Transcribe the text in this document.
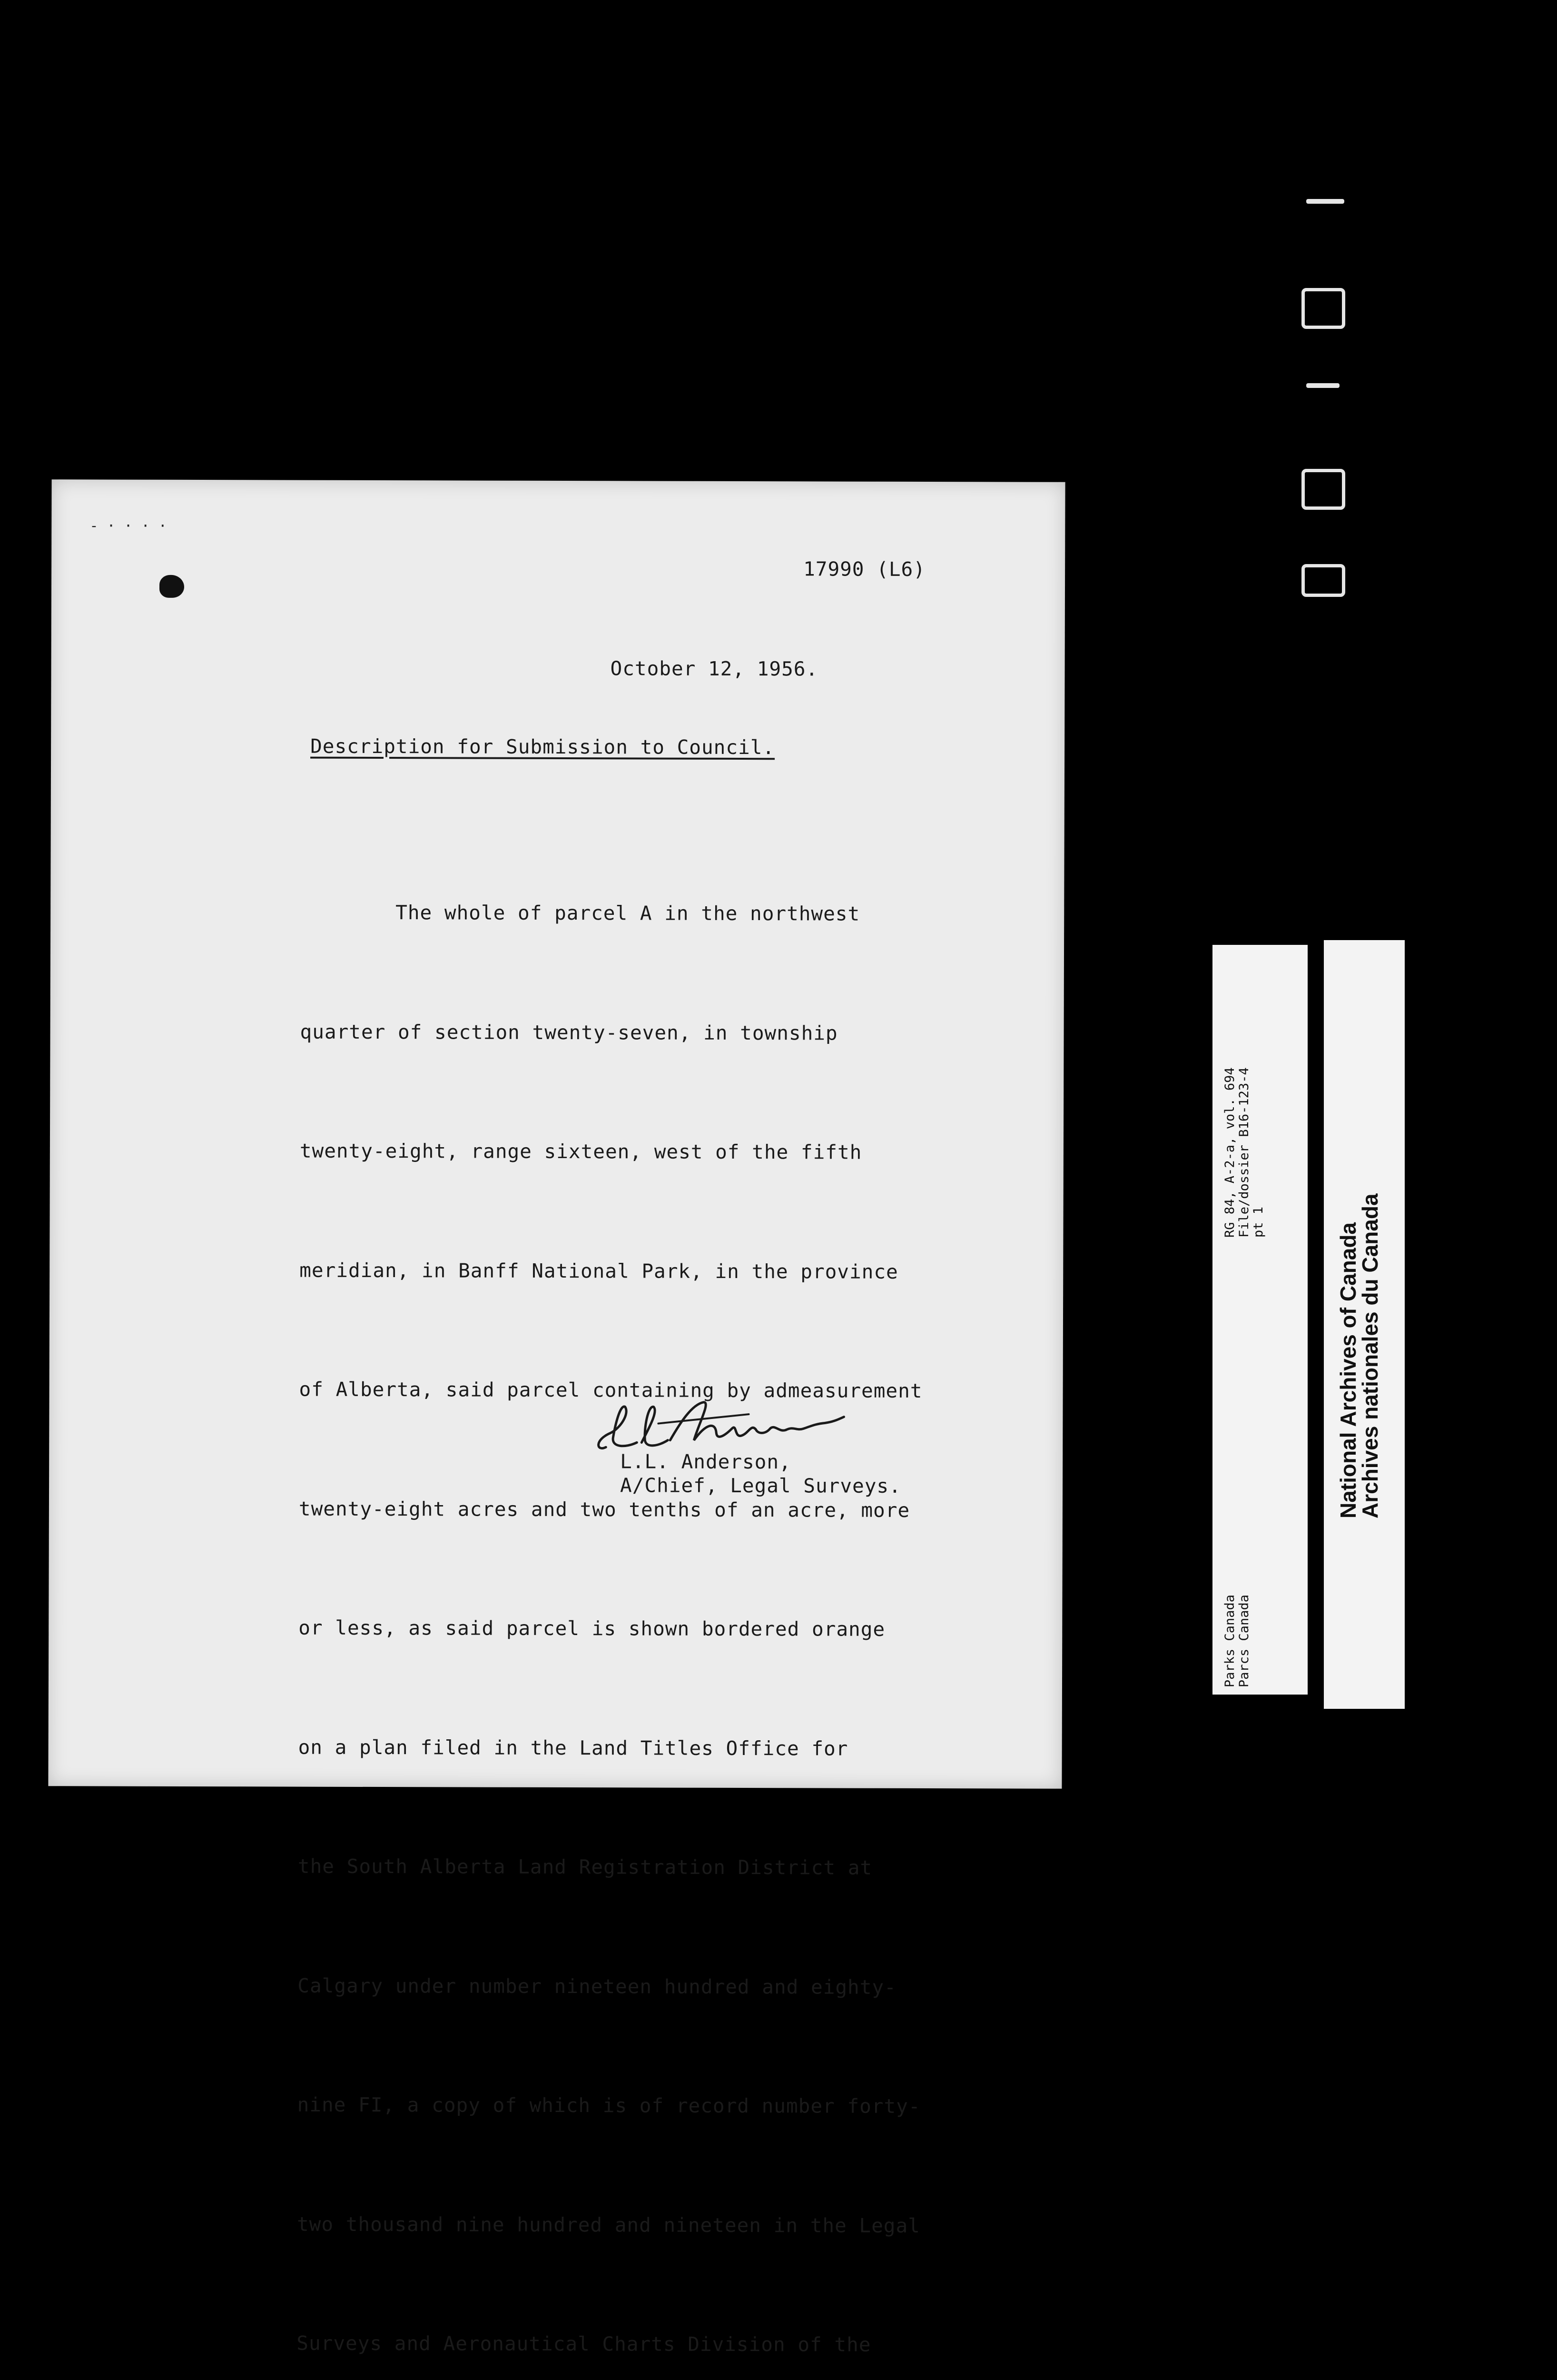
- · · · ·
17990 (L6)
October 12, 1956.
Description for Submission to Council.

The whole of parcel A in the northwest

quarter of section twenty-seven, in township

twenty-eight, range sixteen, west of the fifth

meridian, in Banff National Park, in the province

of Alberta, said parcel containing by admeasurement

twenty-eight acres and two tenths of an acre, more

or less, as said parcel is shown bordered orange

on a plan filed in the Land Titles Office for

the South Alberta Land Registration District at

Calgary under number nineteen hundred and eighty-

nine FI, a copy of which is of record number forty-

two thousand nine hundred and nineteen in the Legal

Surveys and Aeronautical Charts Division of the

L.L. Anderson,
A/Chief, Legal Surveys.
RG 84, A-2-a, vol. 694
File/dossier B16-123-4
pt 1
Parks Canada
Parcs Canada
National Archives of Canada
Archives nationales du Canada
